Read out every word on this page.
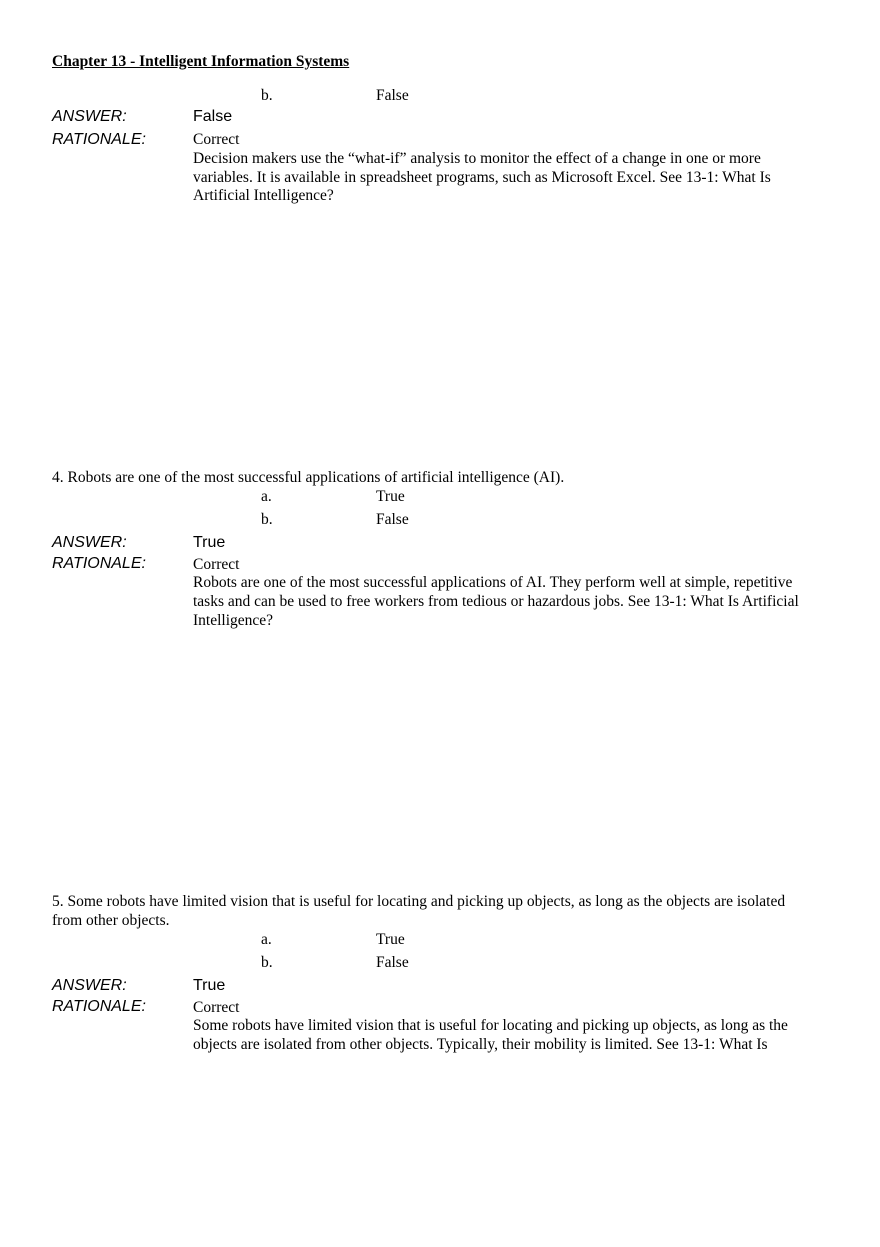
Chapter 13 - Intelligent Information Systems
b.	False
ANSWER:	False
RATIONALE:	Correct
Decision makers use the “what-if” analysis to monitor the effect of a change in one or more
variables. It is available in spreadsheet programs, such as Microsoft Excel. See 13-1: What Is
Artificial Intelligence?
4. Robots are one of the most successful applications of artificial intelligence (AI).
a.	True
b.	False
ANSWER:	True
RATIONALE:	Correct
Robots are one of the most successful applications of AI. They perform well at simple, repetitive
tasks and can be used to free workers from tedious or hazardous jobs. See 13-1: What Is Artificial
Intelligence?
5. Some robots have limited vision that is useful for locating and picking up objects, as long as the objects are isolated
from other objects.
a.	True
b.	False
ANSWER:	True
RATIONALE:	Correct
Some robots have limited vision that is useful for locating and picking up objects, as long as the
objects are isolated from other objects. Typically, their mobility is limited. See 13-1: What Is
